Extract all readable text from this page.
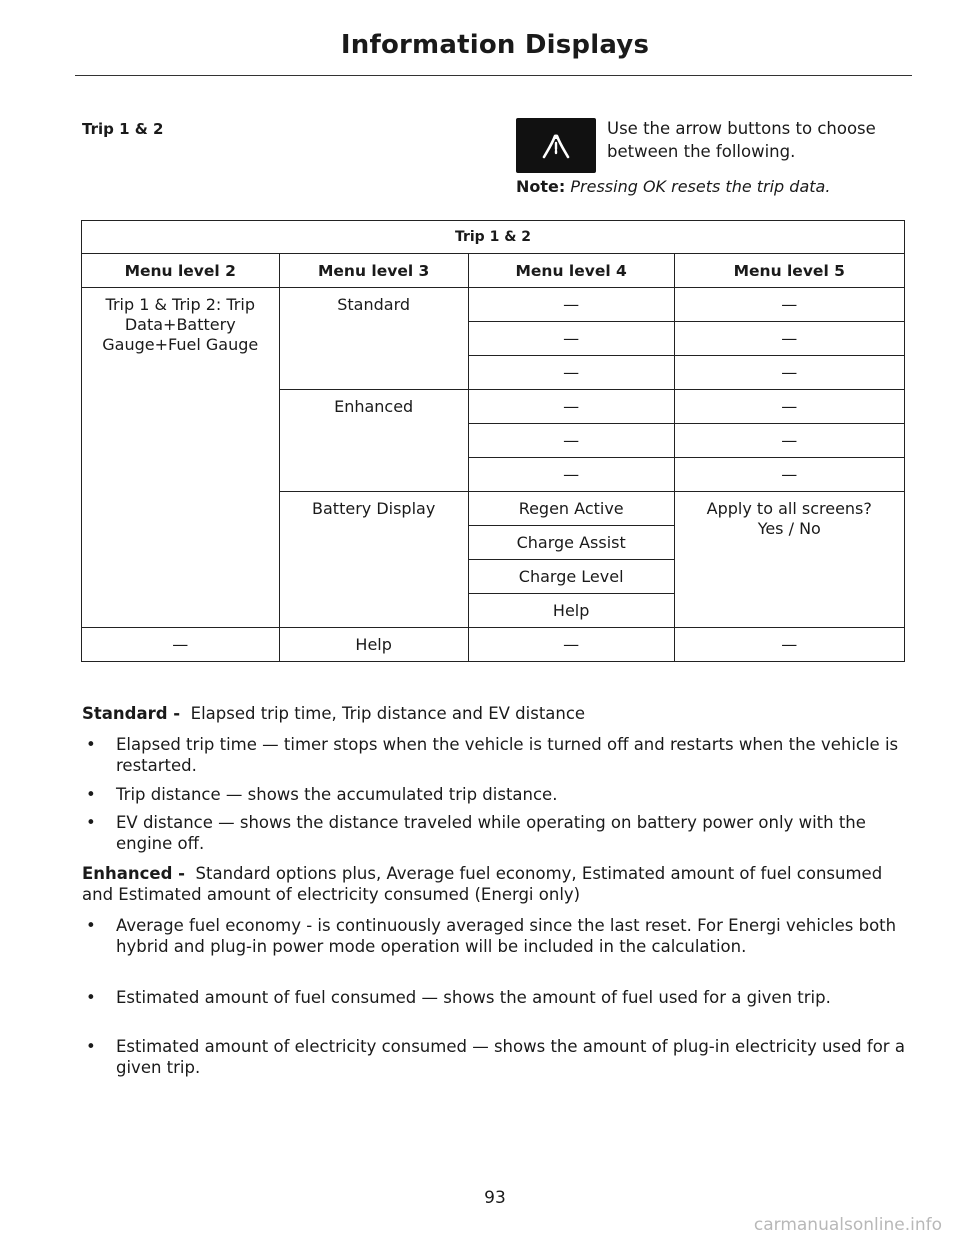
Information Displays
Trip 1 & 2	Use the arrow buttons to choose between the following.
Note: Pressing OK resets the trip data.
Trip 1 & 2			
Menu level 2	Menu level 3	Menu level 4	Menu level 5
Trip 1 & Trip 2: Trip Data+Battery Gauge+Fuel Gauge	Standard	—	—
		—	—
		—	—
	Enhanced	—	—
		—	—
		—	—
	Battery Display	Regen Active	Apply to all screens?
Yes / No
		Charge Assist	
		Charge Level	
		Help	
—	Help	—	—
Standard - Elapsed trip time, Trip distance and EV distance
• Elapsed trip time — timer stops when the vehicle is turned off and restarts when the vehicle is restarted.
• Trip distance — shows the accumulated trip distance.
• EV distance — shows the distance traveled while operating on battery power only with the engine off.
Enhanced - Standard options plus, Average fuel economy, Estimated amount of fuel consumed and Estimated amount of electricity consumed (Energi only)
• Average fuel economy - is continuously averaged since the last reset. For Energi vehicles both hybrid and plug-in power mode operation will be included in the calculation.
• Estimated amount of fuel consumed — shows the amount of fuel used for a given trip.
• Estimated amount of electricity consumed — shows the amount of plug-in electricity used for a given trip.
93
carmanualsonline.info
